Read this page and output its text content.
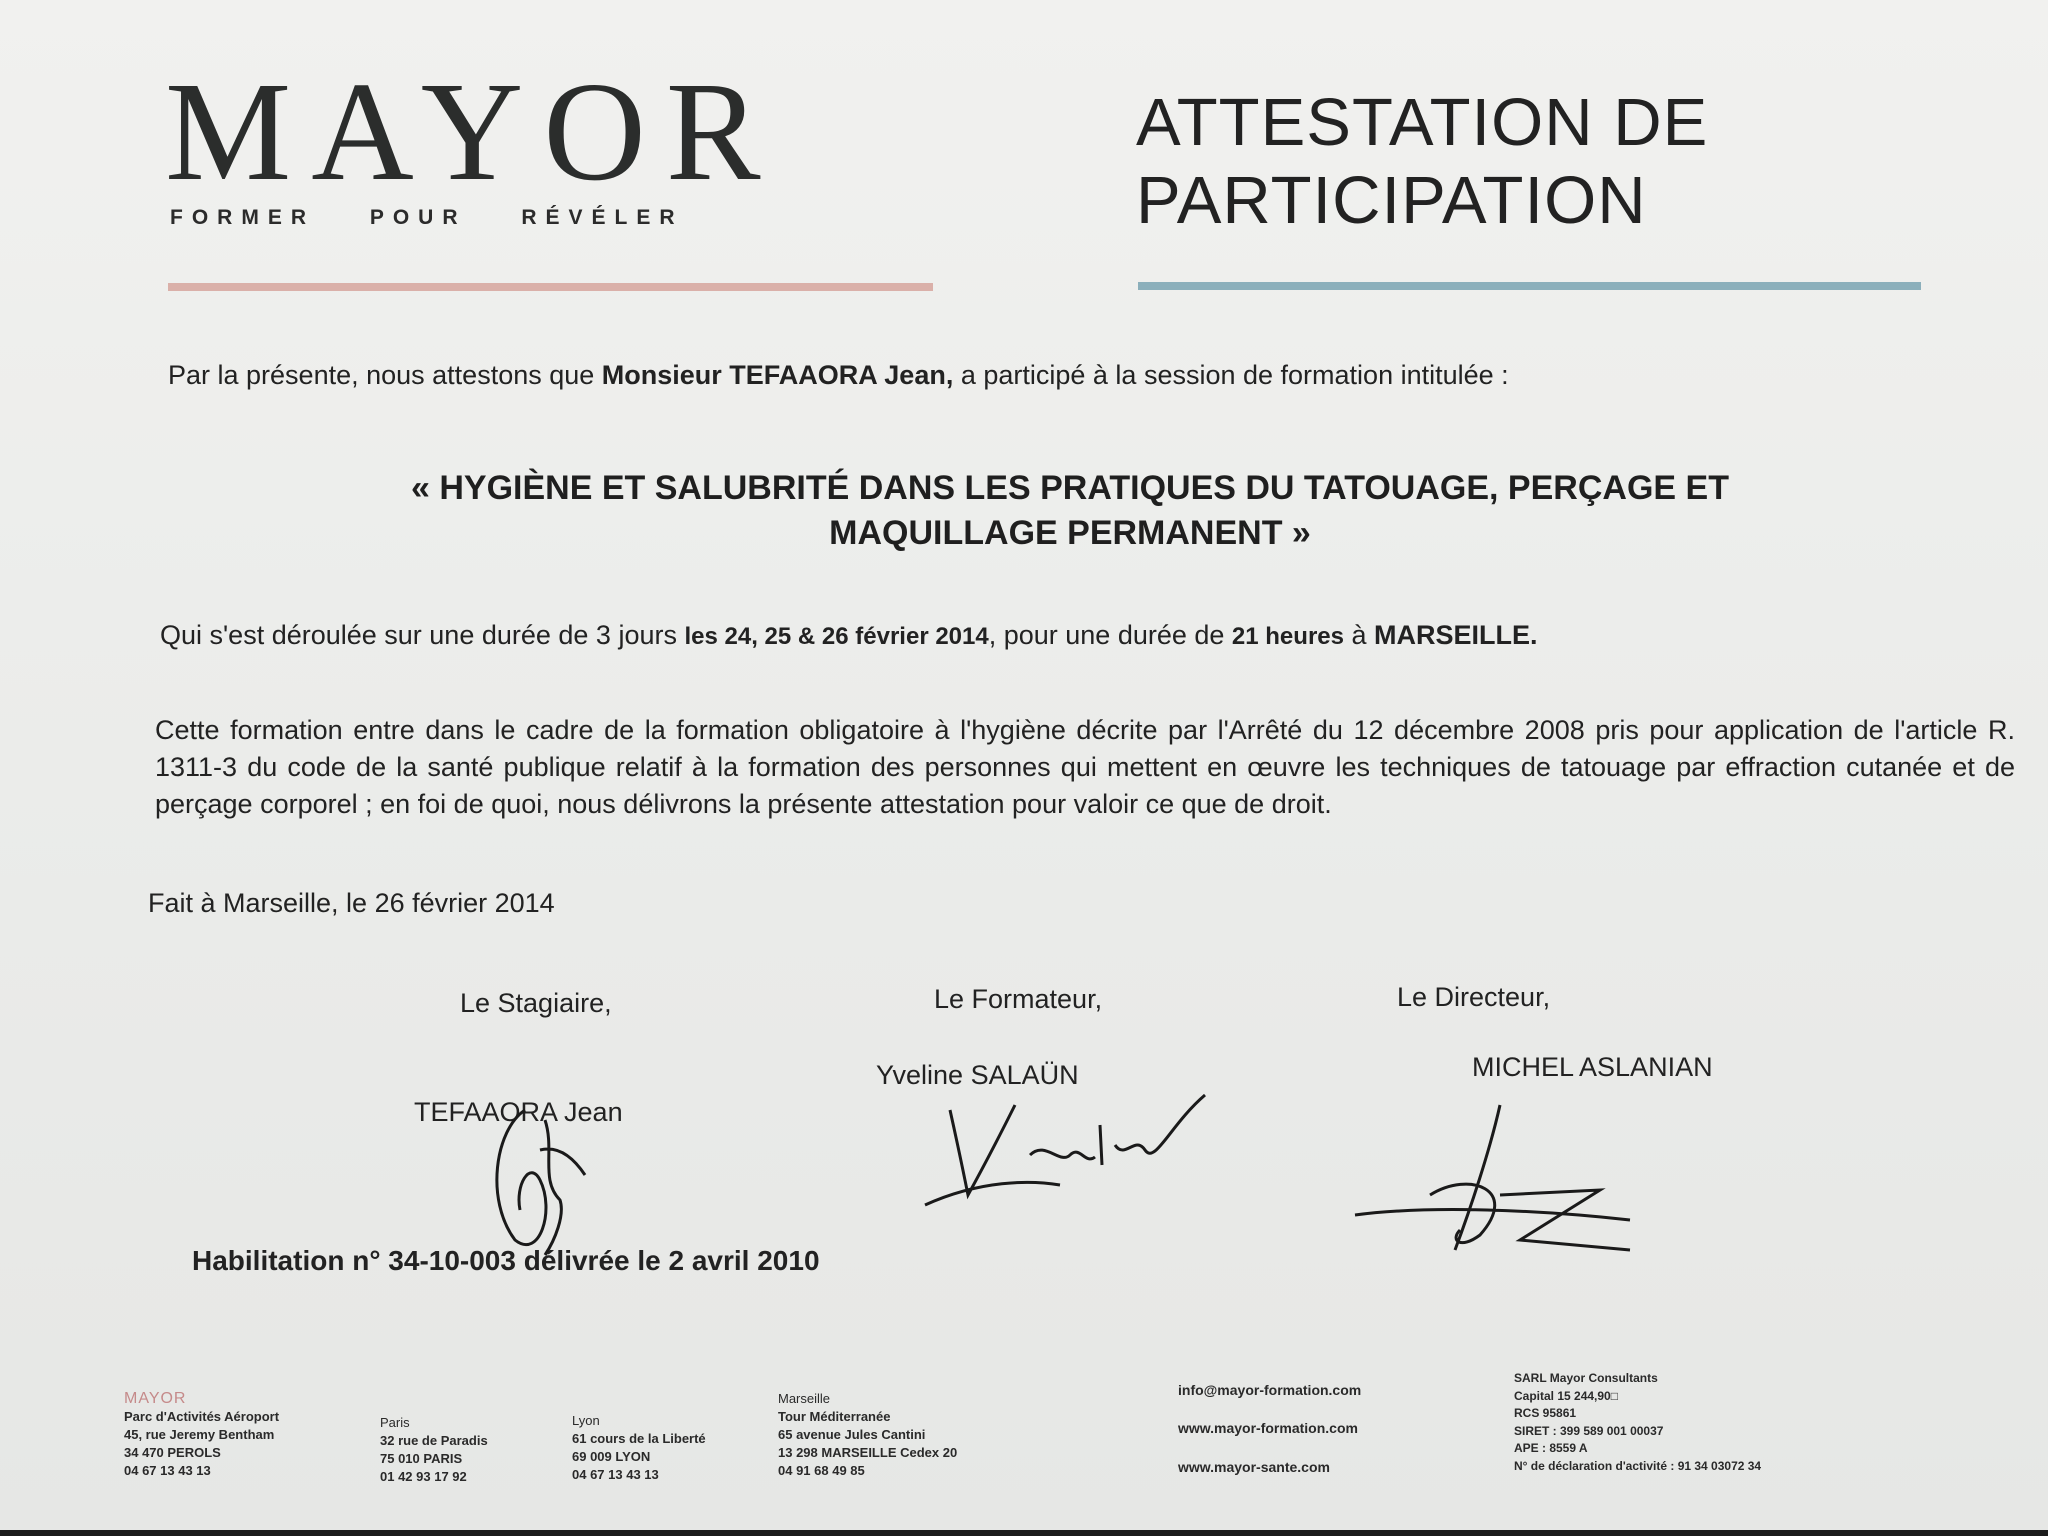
MAYOR
FORMER POUR RÉVÉLER
ATTESTATION DE
PARTICIPATION
Par la présente, nous attestons que Monsieur TEFAAORA Jean, a participé à la session de formation intitulée :
« HYGIÈNE ET SALUBRITÉ DANS LES PRATIQUES DU TATOUAGE, PERÇAGE ET
MAQUILLAGE PERMANENT »
Qui s'est déroulée sur une durée de 3 jours les 24, 25 & 26 février 2014, pour une durée de 21 heures à MARSEILLE.
Cette formation entre dans le cadre de la formation obligatoire à l'hygiène décrite par l'Arrêté du 12 décembre 2008 pris pour application de l'article R. 1311-3 du code de la santé publique relatif à la formation des personnes qui mettent en œuvre les techniques de tatouage par effraction cutanée et de perçage corporel ; en foi de quoi, nous délivrons la présente attestation pour valoir ce que de droit.
Fait à Marseille, le 26 février 2014
Le Stagiaire,
TEFAAORA Jean
Le Formateur,
Yveline SALAÜN
Le Directeur,
MICHEL ASLANIAN
Habilitation n° 34-10-003 délivrée le 2 avril 2010
MAYOR
Parc d'Activités Aéroport
45, rue Jeremy Bentham
34 470 PEROLS
04 67 13 43 13
Paris
32 rue de Paradis
75 010 PARIS
01 42 93 17 92
Lyon
61 cours de la Liberté
69 009 LYON
04 67 13 43 13
Marseille
Tour Méditerranée
65 avenue Jules Cantini
13 298 MARSEILLE Cedex 20
04 91 68 49 85
info@mayor-formation.com
www.mayor-formation.com
www.mayor-sante.com
SARL Mayor Consultants
Capital 15 244,90□
RCS 95861
SIRET : 399 589 001 00037
APE : 8559 A
N° de déclaration d'activité : 91 34 03072 34
